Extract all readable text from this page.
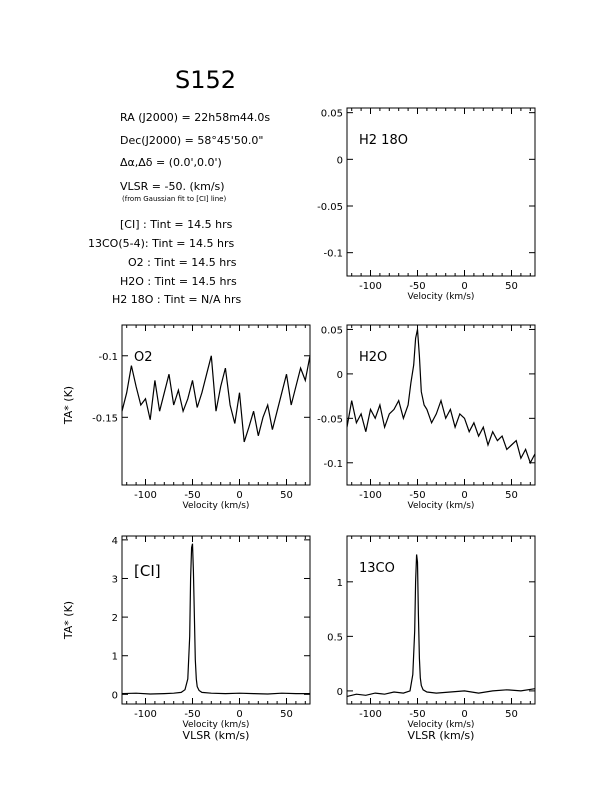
S152
RA (J2000) = 22h58m44.0s
Dec(J2000) = 58°45'50.0"
Δα,Δδ = (0.0',0.0')
VLSR = -50. (km/s)
(from Gaussian fit to [CI] line)
[CI] : Tint = 14.5 hrs
13CO(5-4): Tint = 14.5 hrs
O2 : Tint = 14.5 hrs
H2O : Tint = 14.5 hrs
H2 18O : Tint = N/A hrs
-100	-50	0	50
0.05
0
-0.05
-0.1
Velocity (km/s)
H2 18O
-100	-50	0	50
-0.1
-0.15
Velocity (km/s)
TA* (K)
O2
-100	-50	0	50
0.05
0
-0.05
-0.1
Velocity (km/s)
H2O
-100	-50	0	50
0
1
2
3
4
Velocity (km/s)
VLSR (km/s)
TA* (K)
[CI]
-100	-50	0	50
0
0.5
1
Velocity (km/s)
VLSR (km/s)
13CO
